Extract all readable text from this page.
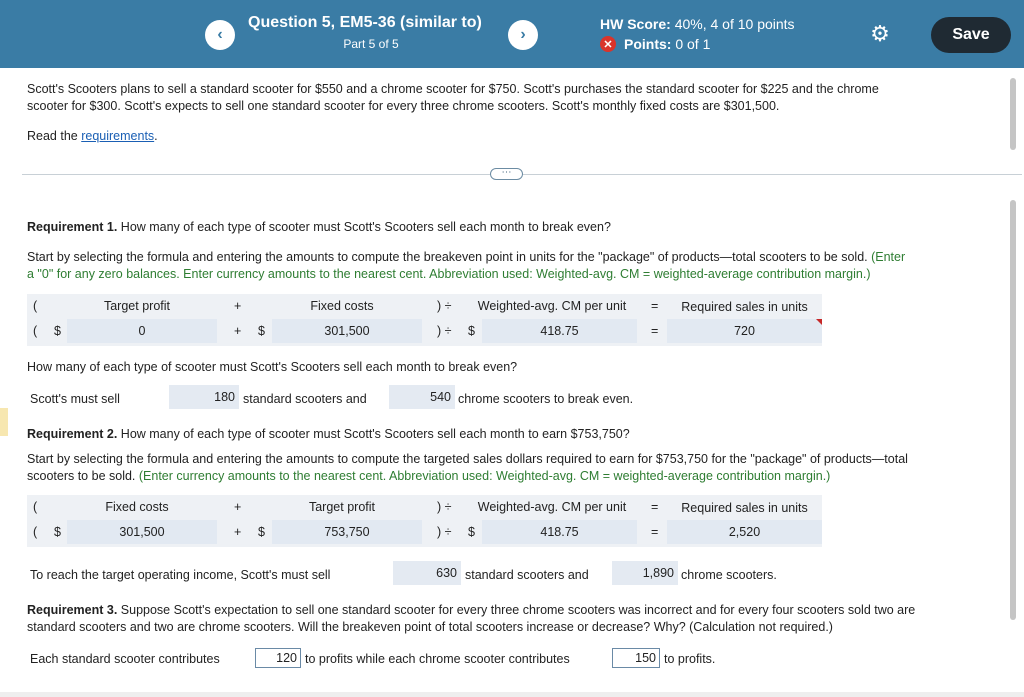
‹
Question 5, EM5-36 (similar to)
Part 5 of 5
›
HW Score: 40%, 4 of 10 points
✕ Points:
0 of 1	⚙	Save
Scott's Scooters plans to sell a standard scooter for $550 and a chrome scooter for $750. Scott's purchases the standard scooter for $225 and the chrome
scooter for $300. Scott's expects to sell one standard scooter for every three chrome scooters. Scott's monthly fixed costs are $301,500.
Read the requirements.
⋯
Requirement 1. How many of each type of scooter must Scott's Scooters sell each month to break even?
Start by selecting the formula and entering the amounts to compute the breakeven point in units for the "package" of products—total scooters to be sold. (Enter
a "0" for any zero balances. Enter currency amounts to the nearest cent. Abbreviation used: Weighted-avg. CM = weighted-average contribution margin.)
(	Target profit	+	Fixed costs	) ÷	Weighted-avg. CM per unit	=	Required sales in units
( $	0	+ $	301,500	) ÷ $	418.75	=	720
How many of each type of scooter must Scott's Scooters sell each month to break even?
Scott's must sell	180 standard scooters and	540 chrome scooters to break even.
Requirement 2. How many of each type of scooter must Scott's Scooters sell each month to earn $753,750?
Start by selecting the formula and entering the amounts to compute the targeted sales dollars required to earn for $753,750 for the "package" of products—total
scooters to be sold. (Enter currency amounts to the nearest cent. Abbreviation used: Weighted-avg. CM = weighted-average contribution margin.)
(	Fixed costs	+	Target profit	) ÷	Weighted-avg. CM per unit	=	Required sales in units
( $	301,500	+ $	753,750	) ÷ $	418.75	=	2,520
To reach the target operating income, Scott's must sell	630 standard scooters and	1,890 chrome scooters.
Requirement 3. Suppose Scott's expectation to sell one standard scooter for every three chrome scooters was incorrect and for every four scooters sold two are
standard scooters and two are chrome scooters. Will the breakeven point of total scooters increase or decrease? Why? (Calculation not required.)
Each standard scooter contributes	120 to profits while each chrome scooter contributes	150 to profits.
